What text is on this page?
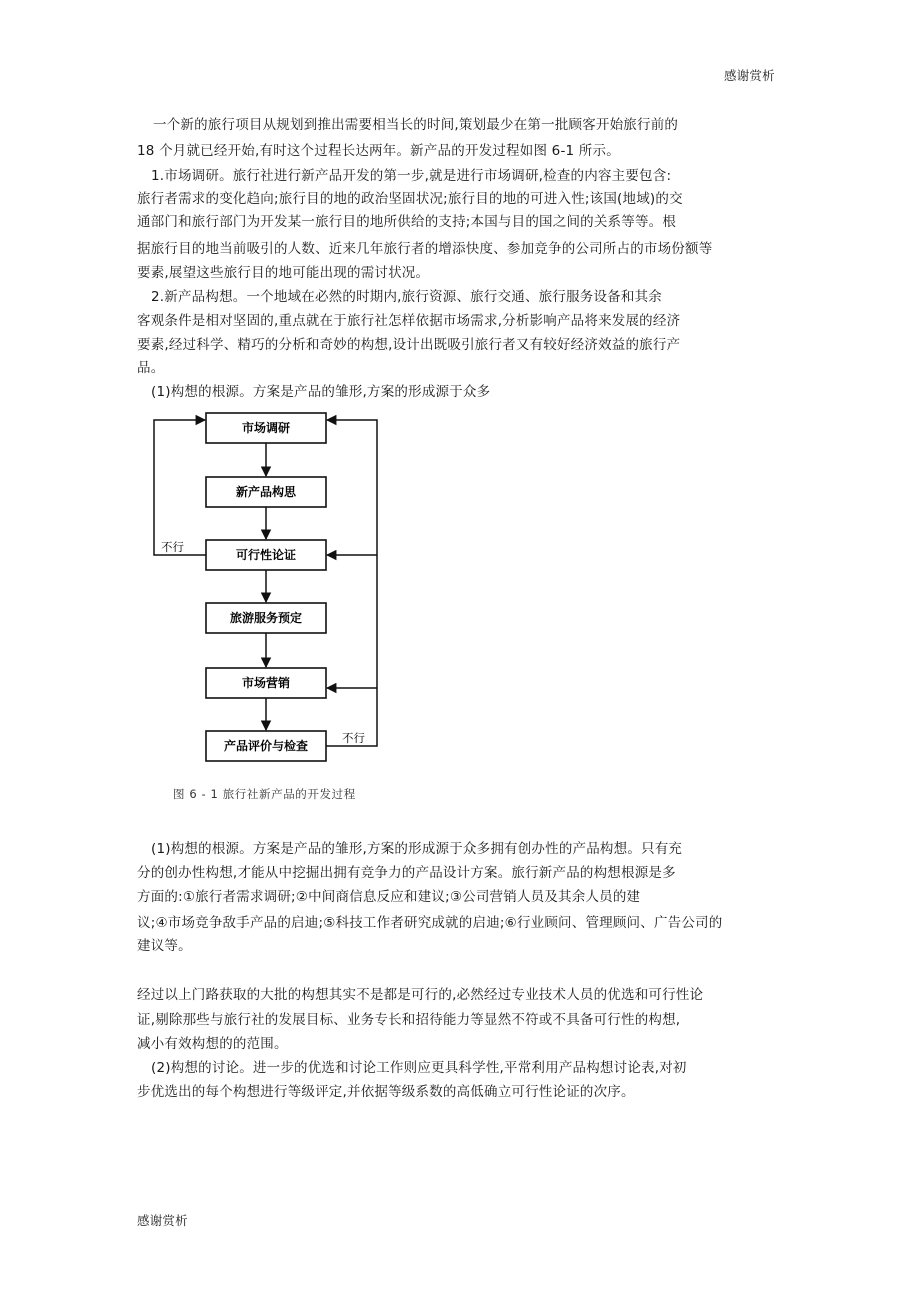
感谢赏析
一个新的旅行项目从规划到推出需要相当长的时间,策划最少在第一批顾客开始旅行前的
18 个月就已经开始,有时这个过程长达两年。新产品的开发过程如图 6-1 所示。
1.市场调研。旅行社进行新产品开发的第一步,就是进行市场调研,检查的内容主要包含:
旅行者需求的变化趋向;旅行目的地的政治坚固状况;旅行目的地的可进入性;该国(地域)的交
通部门和旅行部门为开发某一旅行目的地所供给的支持;本国与目的国之间的关系等等。根
据旅行目的地当前吸引的人数、近来几年旅行者的增添快度、参加竞争的公司所占的市场份额等
要素,展望这些旅行目的地可能出现的需讨状况。
2.新产品构想。一个地域在必然的时期内,旅行资源、旅行交通、旅行服务设备和其余
客观条件是相对坚固的,重点就在于旅行社怎样依据市场需求,分析影响产品将来发展的经济
要素,经过科学、精巧的分析和奇妙的构想,设计出既吸引旅行者又有较好经济效益的旅行产
品。
(1)构想的根源。方案是产品的雏形,方案的形成源于众多
市场调研
新产品构思
可行性论证
旅游服务预定
市场营销
产品评价与检查
不行
不行
图 6 - 1 旅行社新产品的开发过程
(1)构想的根源。方案是产品的雏形,方案的形成源于众多拥有创办性的产品构想。只有充
分的创办性构想,才能从中挖掘出拥有竞争力的产品设计方案。旅行新产品的构想根源是多
方面的:①旅行者需求调研;②中间商信息反应和建议;③公司营销人员及其余人员的建
议;④市场竞争敌手产品的启迪;⑤科技工作者研究成就的启迪;⑥行业顾问、管理顾问、广告公司的
建议等。
经过以上门路获取的大批的构想其实不是都是可行的,必然经过专业技术人员的优选和可行性论
证,剔除那些与旅行社的发展目标、业务专长和招待能力等显然不符或不具备可行性的构想,
减小有效构想的的范围。
(2)构想的讨论。进一步的优选和讨论工作则应更具科学性,平常利用产品构想讨论表,对初
步优选出的每个构想进行等级评定,并依据等级系数的高低确立可行性论证的次序。
感谢赏析
